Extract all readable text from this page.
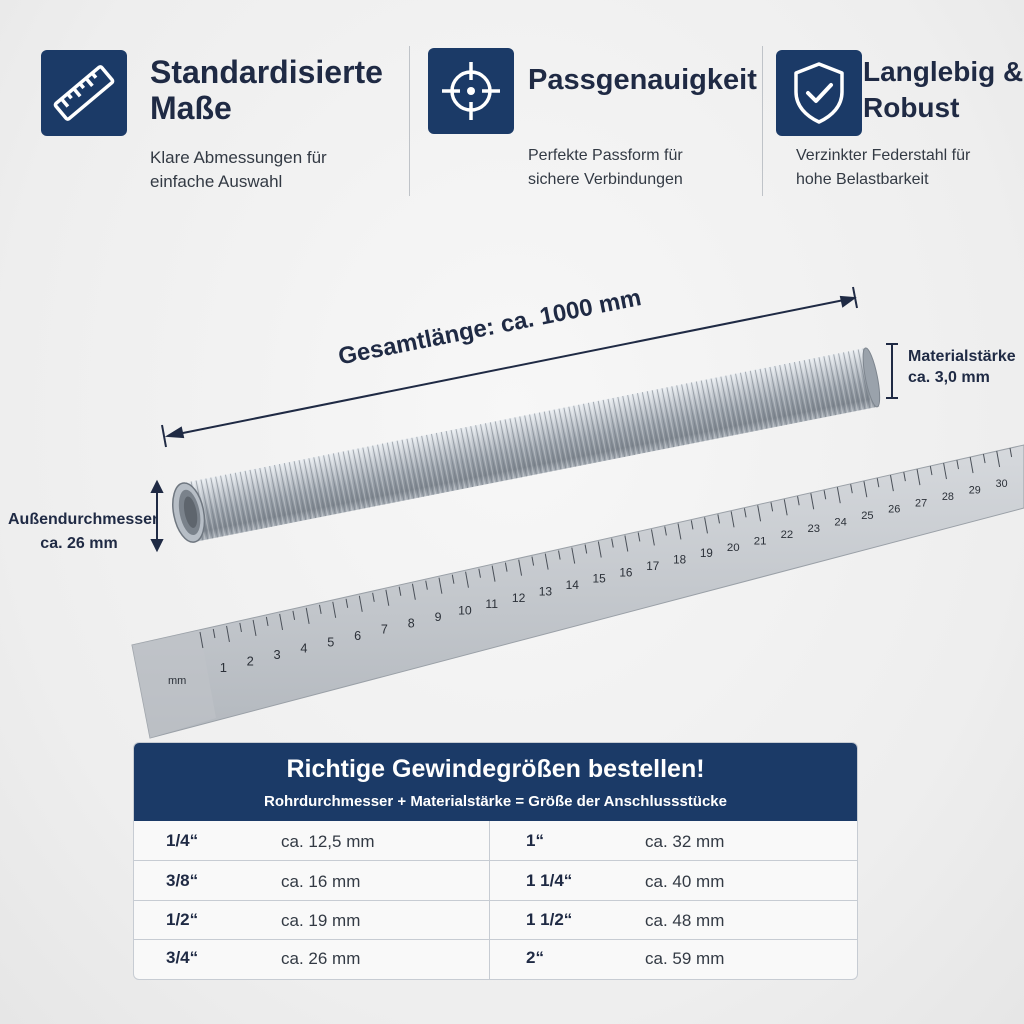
Standardisierte
Maße
Klare Abmessungen für
einfache Auswahl
Passgenauigkeit
Perfekte Passform für
sichere Verbindungen
Langlebig &
Robust
Verzinkter Federstahl für
hohe Belastbarkeit
1 2 3 4 5 6 7 8 9 10 11 12 13 14 15 16 17 18 19
20
21
22
23
24
25
26
27
28
29
30
mm
Gesamtlänge: ca. 1000 mm	Materialstärke
ca. 3,0 mm
Außendurchmesser
ca. 26 mm
Richtige Gewindegrößen bestellen!
Rohrdurchmesser + Materialstärke = Größe der Anschlussstücke
1/4“	ca. 12,5 mm	1“	ca. 32 mm
3/8“	ca. 16 mm	1 1/4“	ca. 40 mm
1/2“	ca. 19 mm	1 1/2“	ca. 48 mm
3/4“	ca. 26 mm	2“	ca. 59 mm
